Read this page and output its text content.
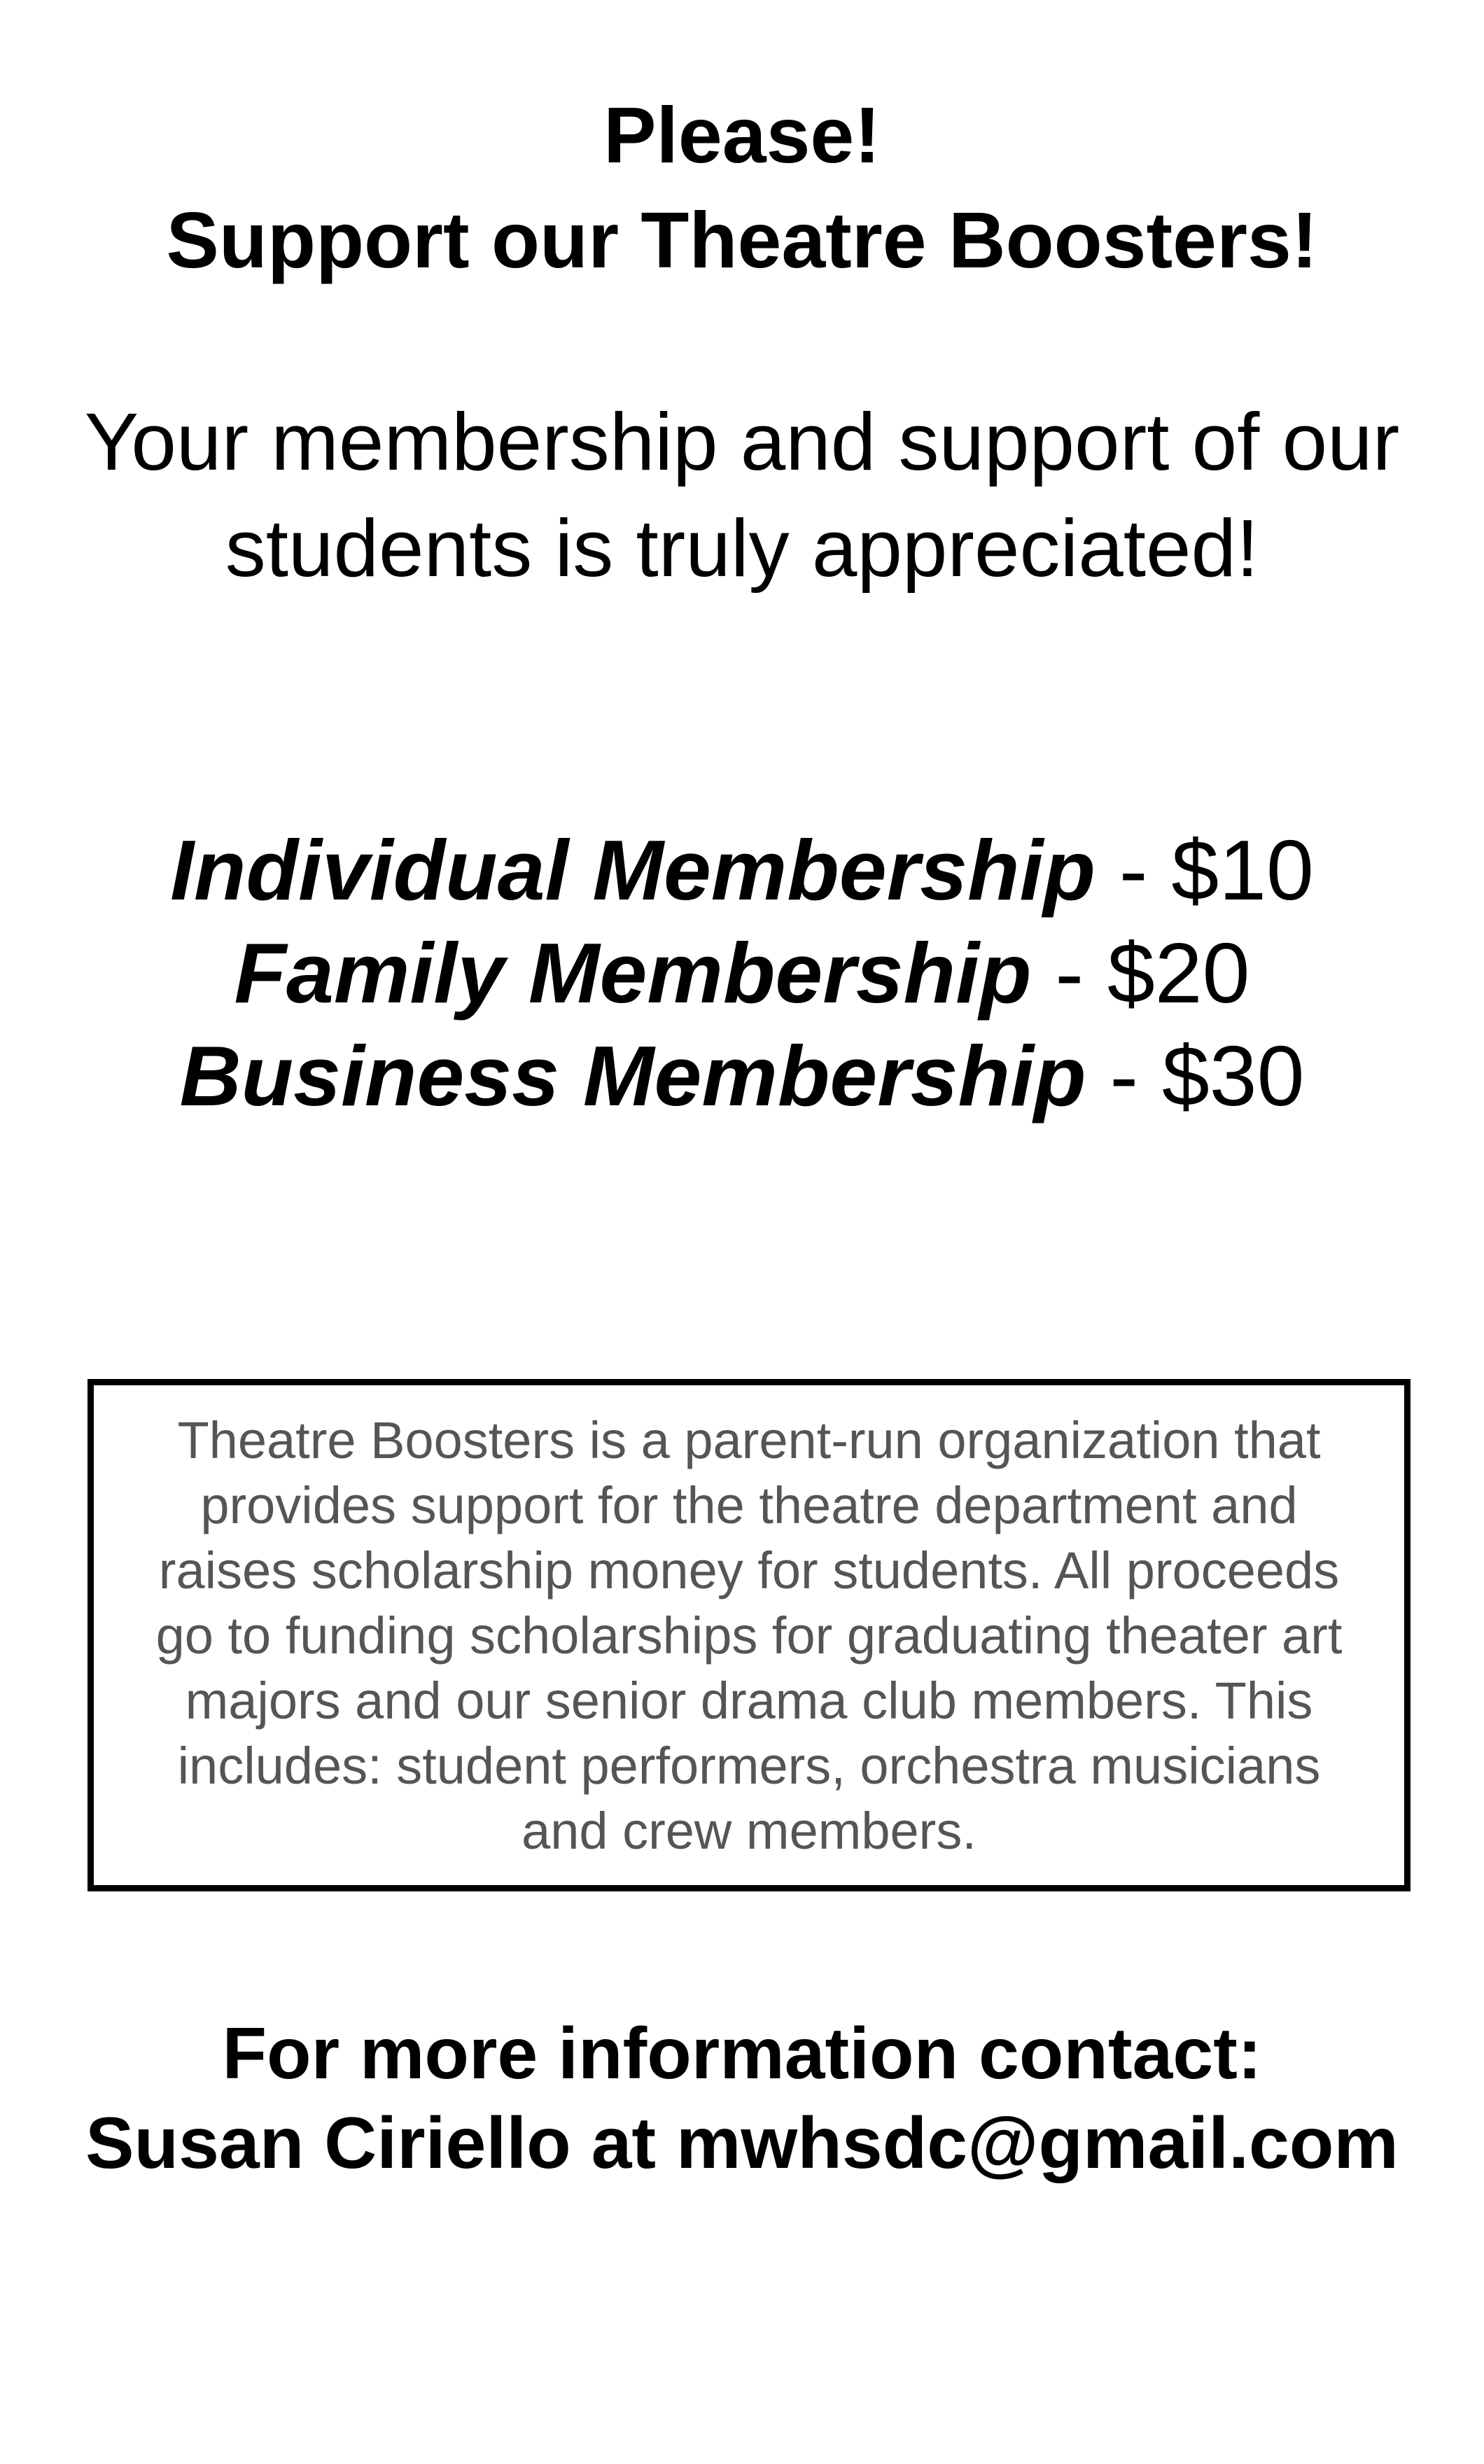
Please!
Support our Theatre Boosters!
Your membership and support of our
students is truly appreciated!
Individual Membership - $10
Family Membership - $20
Business Membership - $30

Theatre Boosters is a parent-run organization that
provides support for the theatre department and
raises scholarship money for students. All proceeds
go to funding scholarships for graduating theater art
majors and our senior drama club members. This
includes: student performers, orchestra musicians
and crew members.

For more information contact:
Susan Ciriello at mwhsdc@gmail.com
